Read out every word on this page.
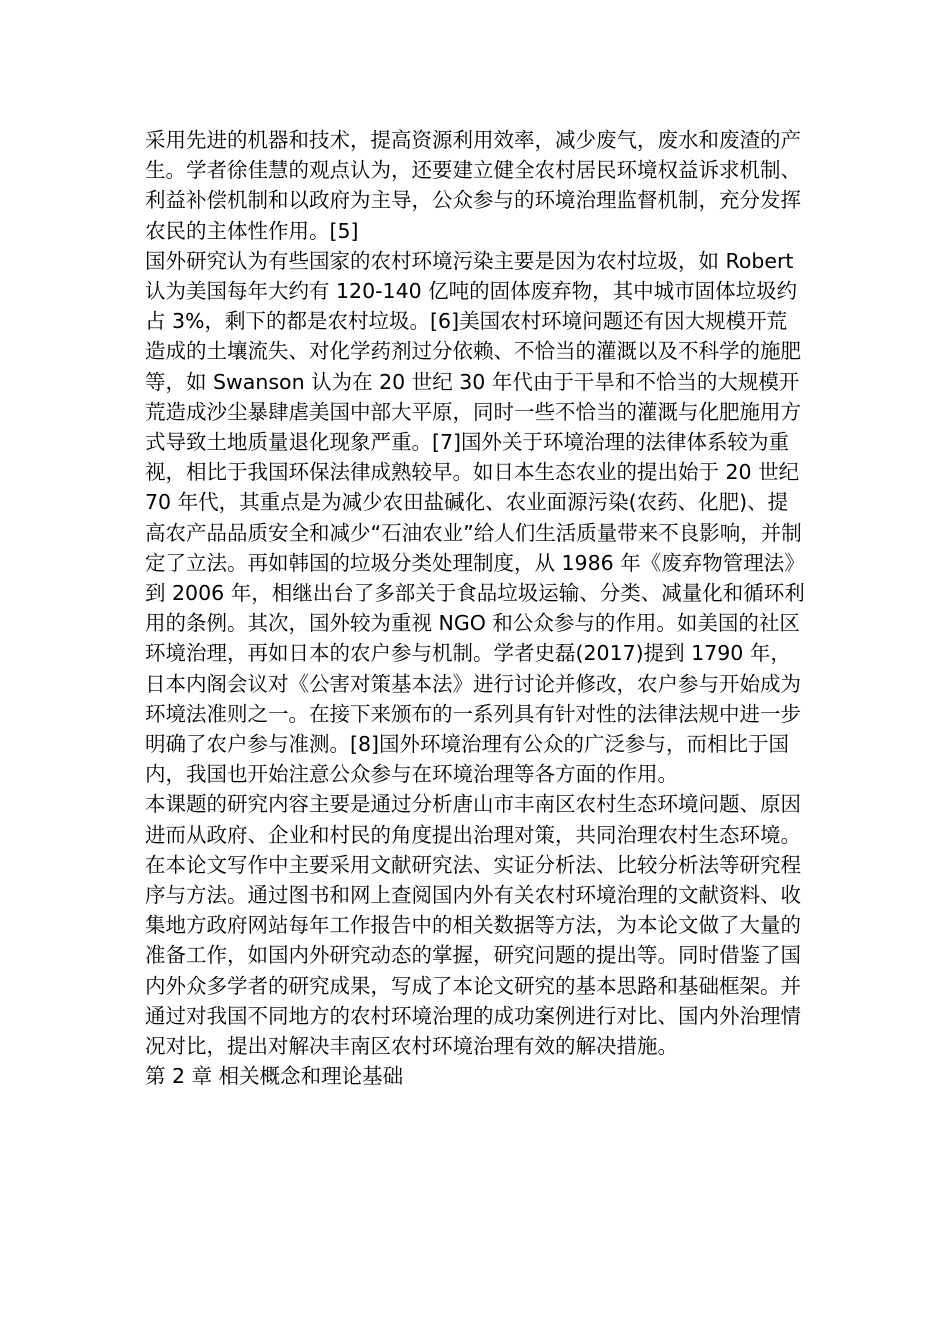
采用先进的机器和技术，提高资源利用效率，减少废气，废水和废渣的产生。学者徐佳慧的观点认为，还要建立健全农村居民环境权益诉求机制、利益补偿机制和以政府为主导，公众参与的环境治理监督机制，充分发挥农民的主体性作用。[5]

国外研究认为有些国家的农村环境污染主要是因为农村垃圾，如 Robert 认为美国每年大约有 120-140 亿吨的固体废弃物，其中城市固体垃圾约占 3%，剩下的都是农村垃圾。[6]美国农村环境问题还有因大规模开荒造成的土壤流失、对化学药剂过分依赖、不恰当的灌溉以及不科学的施肥等，如 Swanson 认为在 20 世纪 30 年代由于干旱和不恰当的大规模开荒造成沙尘暴肆虐美国中部大平原，同时一些不恰当的灌溉与化肥施用方式导致土地质量退化现象严重。[7]国外关于环境治理的法律体系较为重视，相比于我国环保法律成熟较早。如日本生态农业的提出始于 20 世纪 70 年代，其重点是为减少农田盐碱化、农业面源污染(农药、化肥)、提高农产品品质安全和减少“石油农业”给人们生活质量带来不良影响，并制定了立法。再如韩国的垃圾分类处理制度，从 1986 年《废弃物管理法》到 2006 年，相继出台了多部关于食品垃圾运输、分类、减量化和循环利用的条例。其次，国外较为重视 NGO 和公众参与的作用。如美国的社区环境治理，再如日本的农户参与机制。学者史磊(2017)提到 1790 年，日本内阁会议对《公害对策基本法》进行讨论并修改，农户参与开始成为环境法准则之一。在接下来颁布的一系列具有针对性的法律法规中进一步明确了农户参与准测。[8]国外环境治理有公众的广泛参与，而相比于国内，我国也开始注意公众参与在环境治理等各方面的作用。

本课题的研究内容主要是通过分析唐山市丰南区农村生态环境问题、原因进而从政府、企业和村民的角度提出治理对策，共同治理农村生态环境。

在本论文写作中主要采用文献研究法、实证分析法、比较分析法等研究程序与方法。通过图书和网上查阅国内外有关农村环境治理的文献资料、收集地方政府网站每年工作报告中的相关数据等方法，为本论文做了大量的准备工作，如国内外研究动态的掌握，研究问题的提出等。同时借鉴了国内外众多学者的研究成果，写成了本论文研究的基本思路和基础框架。并通过对我国不同地方的农村环境治理的成功案例进行对比、国内外治理情况对比，提出对解决丰南区农村环境治理有效的解决措施。

第 2 章 相关概念和理论基础
